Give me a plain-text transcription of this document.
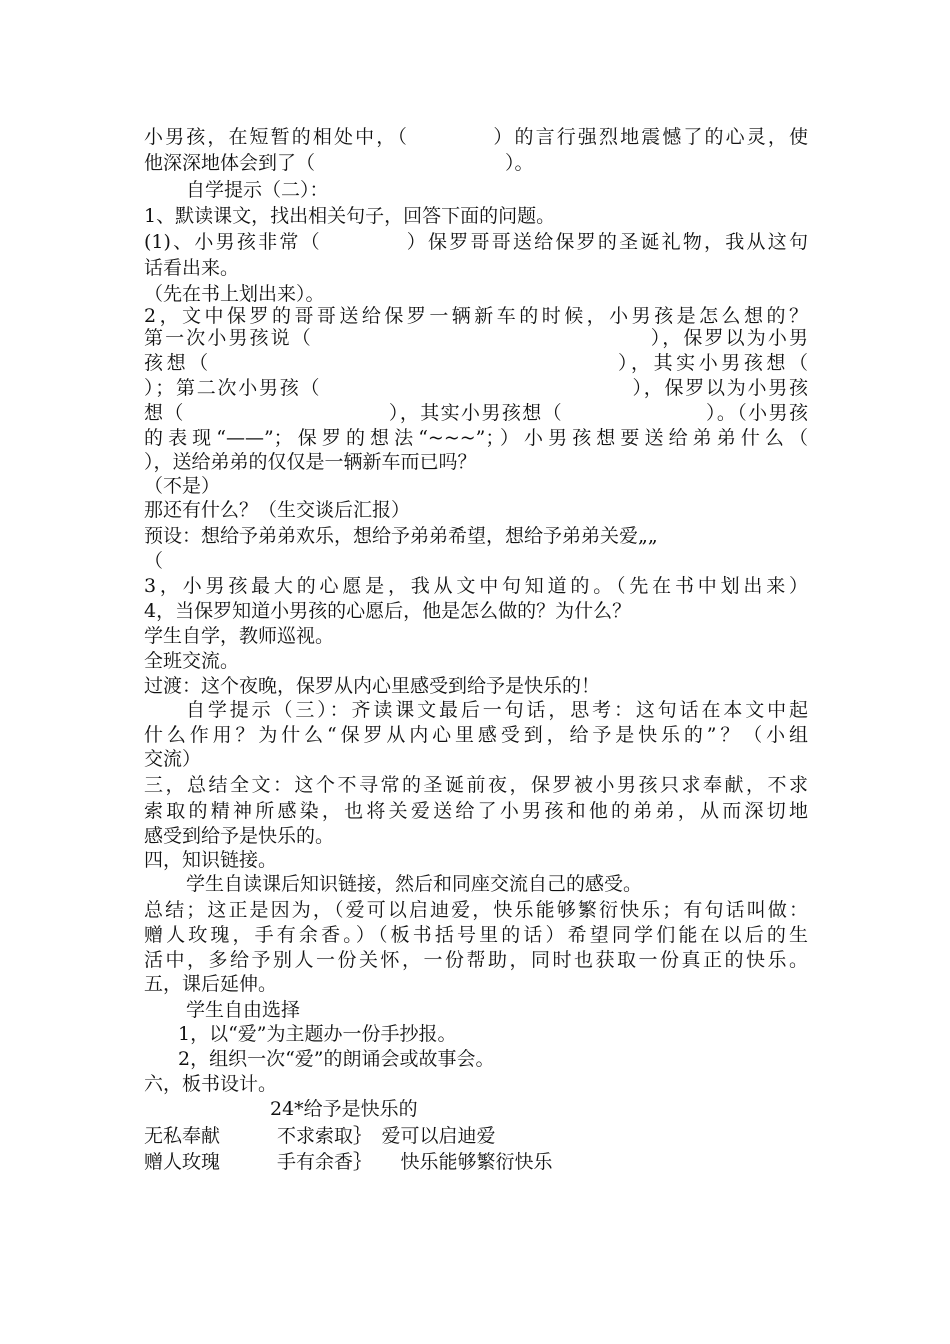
小男孩，在短暂的相处中，（　　　　）的言行强烈地震憾了的心灵，使
他深深地体会到了（　　　　　　　　　　）。
自学提示（二）：
1、默读课文，找出相关句子，回答下面的问题。
(1)、小男孩非常（　　　　）保罗哥哥送给保罗的圣诞礼物，我从这句
话看出来。
（先在书上划出来）。
2，文中保罗的哥哥送给保罗一辆新车的时候，小男孩是怎么想的？
第一次小男孩说（　　　　　　　　　　　　　　　　），保罗以为小男
孩想（　　　　　　　　　　　　　　　　　　），其实小男孩想（
）；第二次小男孩（　　　　　　　　　　　　　　　），保罗以为小男孩
想（　　　　　　　　　　），其实小男孩想（　　　　　　　）。（小男孩
的表现“——”；保罗的想法“~~~”；）小男孩想要送给弟弟什么（
），送给弟弟的仅仅是一辆新车而已吗？
（不是）
那还有什么？（生交谈后汇报）
预设：想给予弟弟欢乐，想给予弟弟希望，想给予弟弟关爱„„
（
3，小男孩最大的心愿是，我从文中句知道的。（先在书中划出来）
4，当保罗知道小男孩的心愿后，他是怎么做的？为什么？
学生自学，教师巡视。
全班交流。
过渡：这个夜晚，保罗从内心里感受到给予是快乐的！
自学提示（三）：齐读课文最后一句话，思考：这句话在本文中起
什么作用？为什么“保罗从内心里感受到，给予是快乐的”？（小组
交流）
三，总结全文：这个不寻常的圣诞前夜，保罗被小男孩只求奉献，不求
索取的精神所感染，也将关爱送给了小男孩和他的弟弟，从而深切地
感受到给予是快乐的。
四，知识链接。
学生自读课后知识链接，然后和同座交流自己的感受。
总结；这正是因为，（爱可以启迪爱，快乐能够繁衍快乐；有句话叫做：
赠人玫瑰，手有余香。）（板书括号里的话）希望同学们能在以后的生
活中，多给予别人一份关怀，一份帮助，同时也获取一份真正的快乐。
五，课后延伸。
学生自由选择
1，以“爱”为主题办一份手抄报。
2，组织一次“爱”的朗诵会或故事会。
六，板书设计。
24*给予是快乐的
无私奉献　　　不求索取｝　爱可以启迪爱
赠人玫瑰　　　手有余香｝　　快乐能够繁衍快乐
